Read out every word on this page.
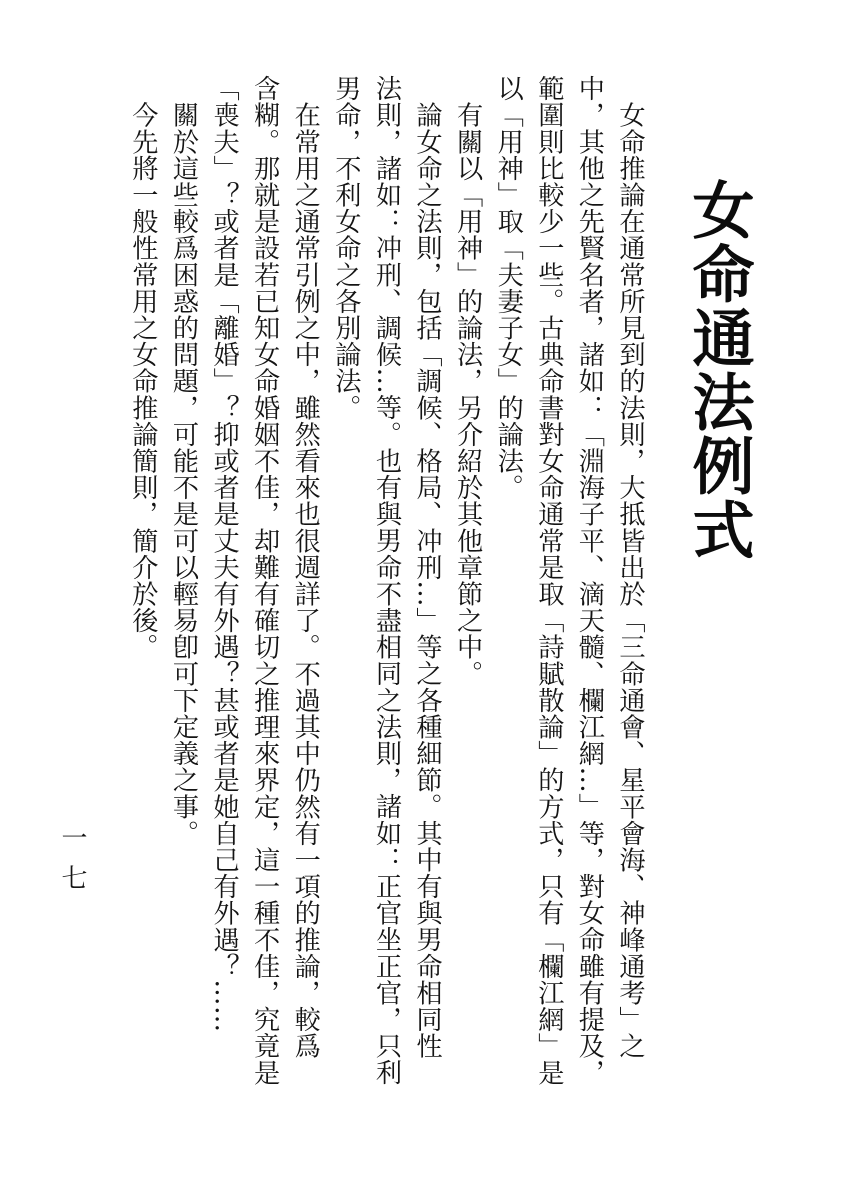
女命通法例式

　女命推論在通常所見到的法則，大抵皆出於「三命通會、星平會海、神峰通考」之

中，其他之先賢名者，諸如：「淵海子平、滴天髓、欄江網…」等，對女命雖有提及，

範圍則比較少一些。古典命書對女命通常是取「詩賦散論」的方式，只有「欄江網」是

以「用神」取「夫妻子女」的論法。

　有關以「用神」的論法，另介紹於其他章節之中。

　論女命之法則，包括「調候、格局、冲刑…」等之各種細節。其中有與男命相同性

法則，諸如：冲刑、調候…等。也有與男命不盡相同之法則，諸如：正官坐正官，只利

男命，不利女命之各別論法。

　在常用之通常引例之中，雖然看來也很週詳了。不過其中仍然有一項的推論，較爲

含糊。那就是設若已知女命婚姻不佳，却難有確切之推理來界定，這一種不佳，究竟是

「喪夫」？或者是「離婚」？抑或者是丈夫有外遇？甚或者是她自己有外遇？……

　關於這些較爲困惑的問題，可能不是可以輕易卽可下定義之事。

　今先將一般性常用之女命推論簡則，簡介於後。

一七
